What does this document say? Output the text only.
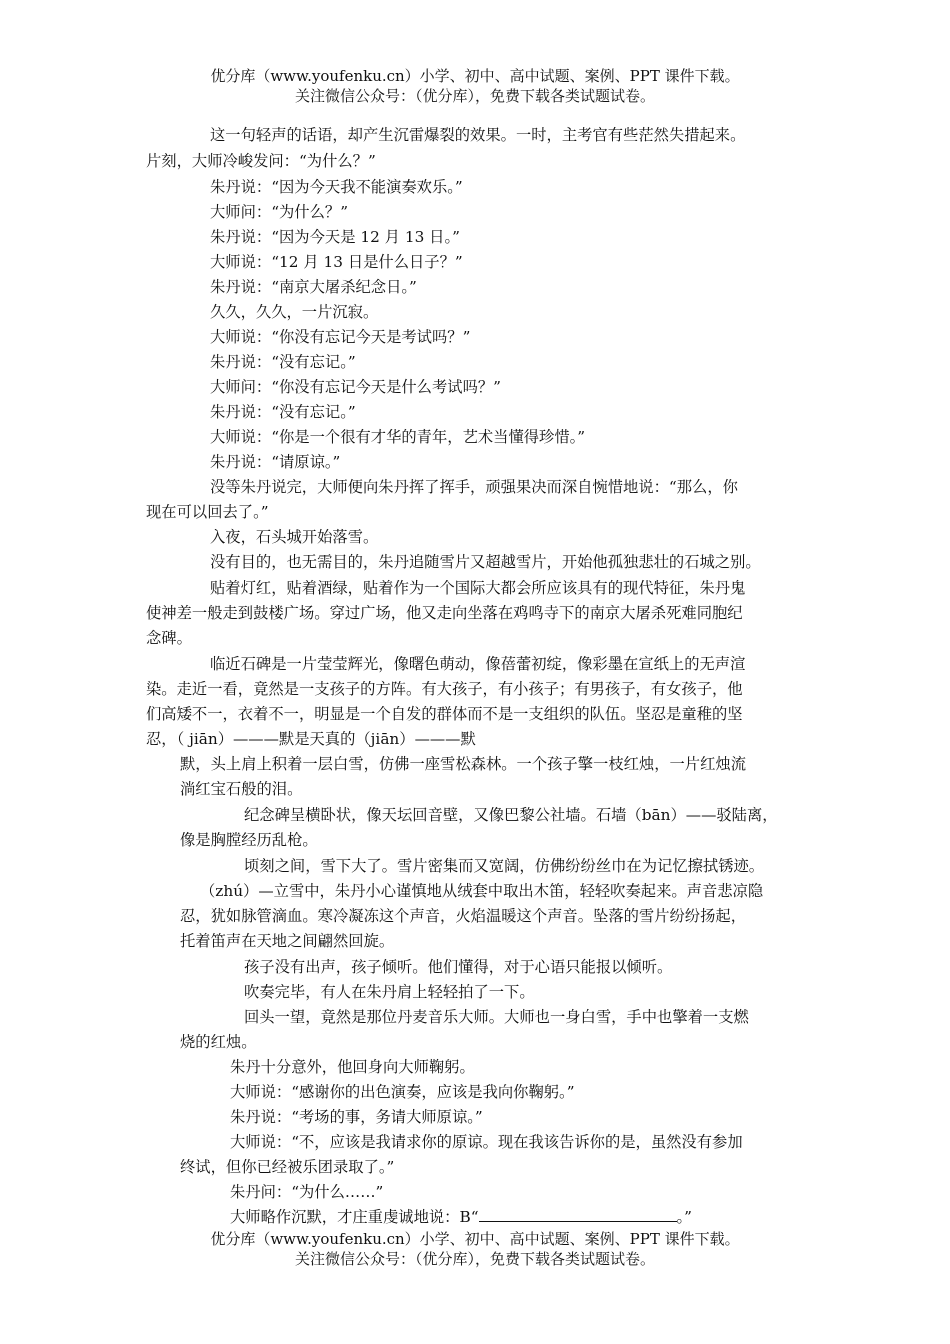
优分库（www.youfenku.cn）小学、初中、高中试题、案例、PPT 课件下载。
关注微信公众号：（优分库），免费下载各类试题试卷。
这一句轻声的话语，却产生沉雷爆裂的效果。一时，主考官有些茫然失措起来。
片刻，大师冷峻发问：“为什么？”
朱丹说：“因为今天我不能演奏欢乐。”
大师问：“为什么？”
朱丹说：“因为今天是 12 月 13 日。”
大师说：“12 月 13 日是什么日子？”
朱丹说：“南京大屠杀纪念日。”
久久，久久，一片沉寂。
大师说：“你没有忘记今天是考试吗？”
朱丹说：“没有忘记。”
大师问：“你没有忘记今天是什么考试吗？”
朱丹说：“没有忘记。”
大师说：“你是一个很有才华的青年，艺术当懂得珍惜。”
朱丹说：“请原谅。”
没等朱丹说完，大师便向朱丹挥了挥手，顽强果决而深自惋惜地说：“那么，你
现在可以回去了。”
入夜，石头城开始落雪。
没有目的，也无需目的，朱丹追随雪片又超越雪片，开始他孤独悲壮的石城之别。
贴着灯红，贴着酒绿，贴着作为一个国际大都会所应该具有的现代特征，朱丹鬼
使神差一般走到鼓楼广场。穿过广场，他又走向坐落在鸡鸣寺下的南京大屠杀死难同胞纪
念碑。
临近石碑是一片莹莹辉光，像曙色萌动，像蓓蕾初绽，像彩墨在宣纸上的无声渲
染。走近一看，竟然是一支孩子的方阵。有大孩子，有小孩子；有男孩子，有女孩子，他
们高矮不一，衣着不一，明显是一个自发的群体而不是一支组织的队伍。坚忍是童稚的坚
忍，（ jiān）———默是天真的（jiān）———默
默，头上肩上积着一层白雪，仿佛一座雪松森林。一个孩子擎一枝红烛，一片红烛流
淌红宝石般的泪。
纪念碑呈横卧状，像天坛回音壁，又像巴黎公社墙。石墙（bān）——驳陆离，
像是胸膛经历乱枪。
顷刻之间，雪下大了。雪片密集而又宽阔，仿佛纷纷丝巾在为记忆擦拭锈迹。
（zhú）—立雪中，朱丹小心谨慎地从绒套中取出木笛，轻轻吹奏起来。声音悲凉隐
忍，犹如脉管滴血。寒冷凝冻这个声音，火焰温暖这个声音。坠落的雪片纷纷扬起，
托着笛声在天地之间翩然回旋。
孩子没有出声，孩子倾听。他们懂得，对于心语只能报以倾听。
吹奏完毕，有人在朱丹肩上轻轻拍了一下。
回头一望，竟然是那位丹麦音乐大师。大师也一身白雪，手中也擎着一支燃
烧的红烛。
朱丹十分意外，他回身向大师鞠躬。
大师说：“感谢你的出色演奏，应该是我向你鞠躬。”
朱丹说：“考场的事，务请大师原谅。”
大师说：“不，应该是我请求你的原谅。现在我该告诉你的是，虽然没有参加
终试，但你已经被乐团录取了。”
朱丹问：“为什么……”
大师略作沉默，才庄重虔诚地说：B“	。”
优分库（www.youfenku.cn）小学、初中、高中试题、案例、PPT 课件下载。
关注微信公众号：（优分库），免费下载各类试题试卷。
